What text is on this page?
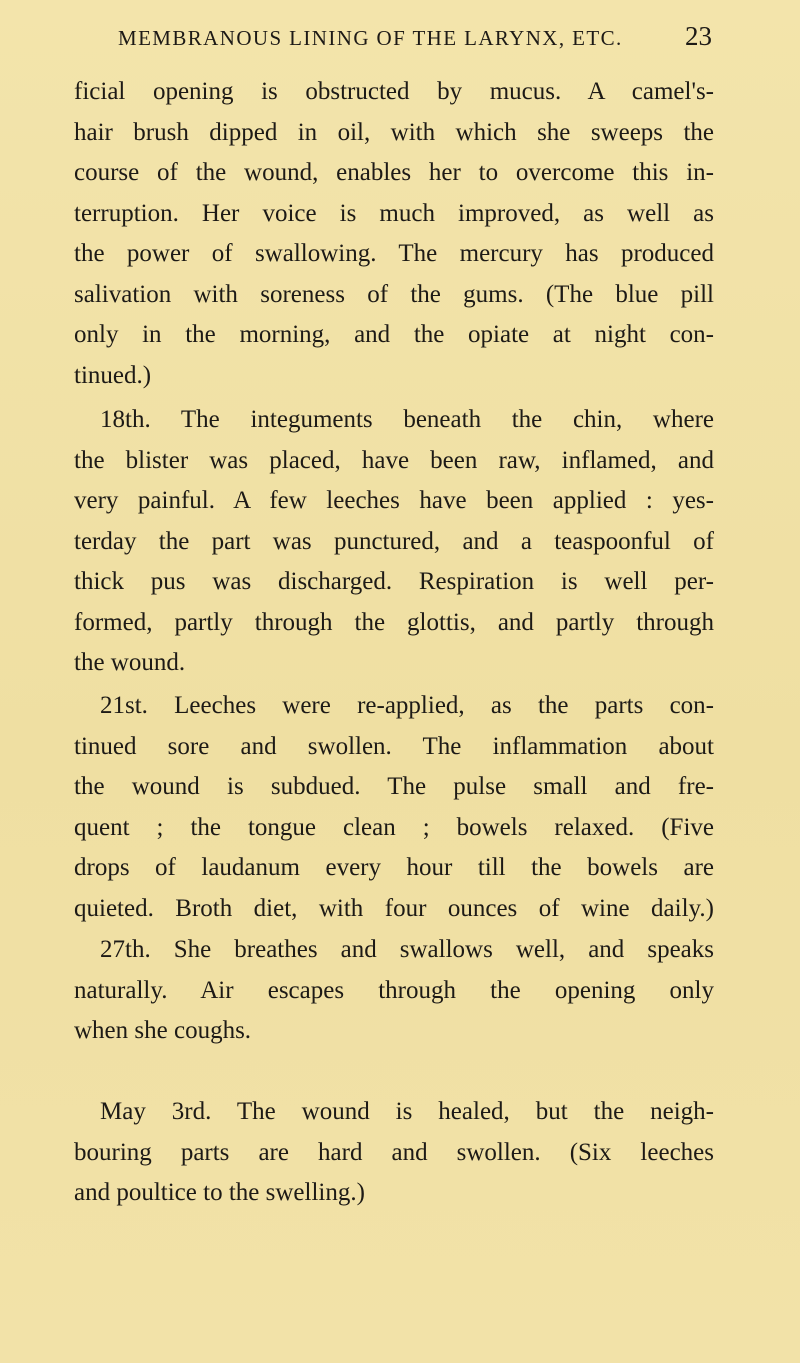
MEMBRANOUS LINING OF THE LARYNX, ETC. 23
ficial opening is obstructed by mucus. A camel's-
hair brush dipped in oil, with which she sweeps the
course of the wound, enables her to overcome this in-
terruption. Her voice is much improved, as well as
the power of swallowing. The mercury has produced
salivation with soreness of the gums. (The blue pill
only in the morning, and the opiate at night con-
tinued.)
18th. The integuments beneath the chin, where
the blister was placed, have been raw, inflamed, and
very painful. A few leeches have been applied : yes-
terday the part was punctured, and a teaspoonful of
thick pus was discharged. Respiration is well per-
formed, partly through the glottis, and partly through
the wound.
21st. Leeches were re-applied, as the parts con-
tinued sore and swollen. The inflammation about
the wound is subdued. The pulse small and fre-
quent ; the tongue clean ; bowels relaxed. (Five
drops of laudanum every hour till the bowels are
quieted. Broth diet, with four ounces of wine daily.)
27th. She breathes and swallows well, and speaks
naturally. Air escapes through the opening only
when she coughs.
May 3rd. The wound is healed, but the neigh-
bouring parts are hard and swollen. (Six leeches
and poultice to the swelling.)
